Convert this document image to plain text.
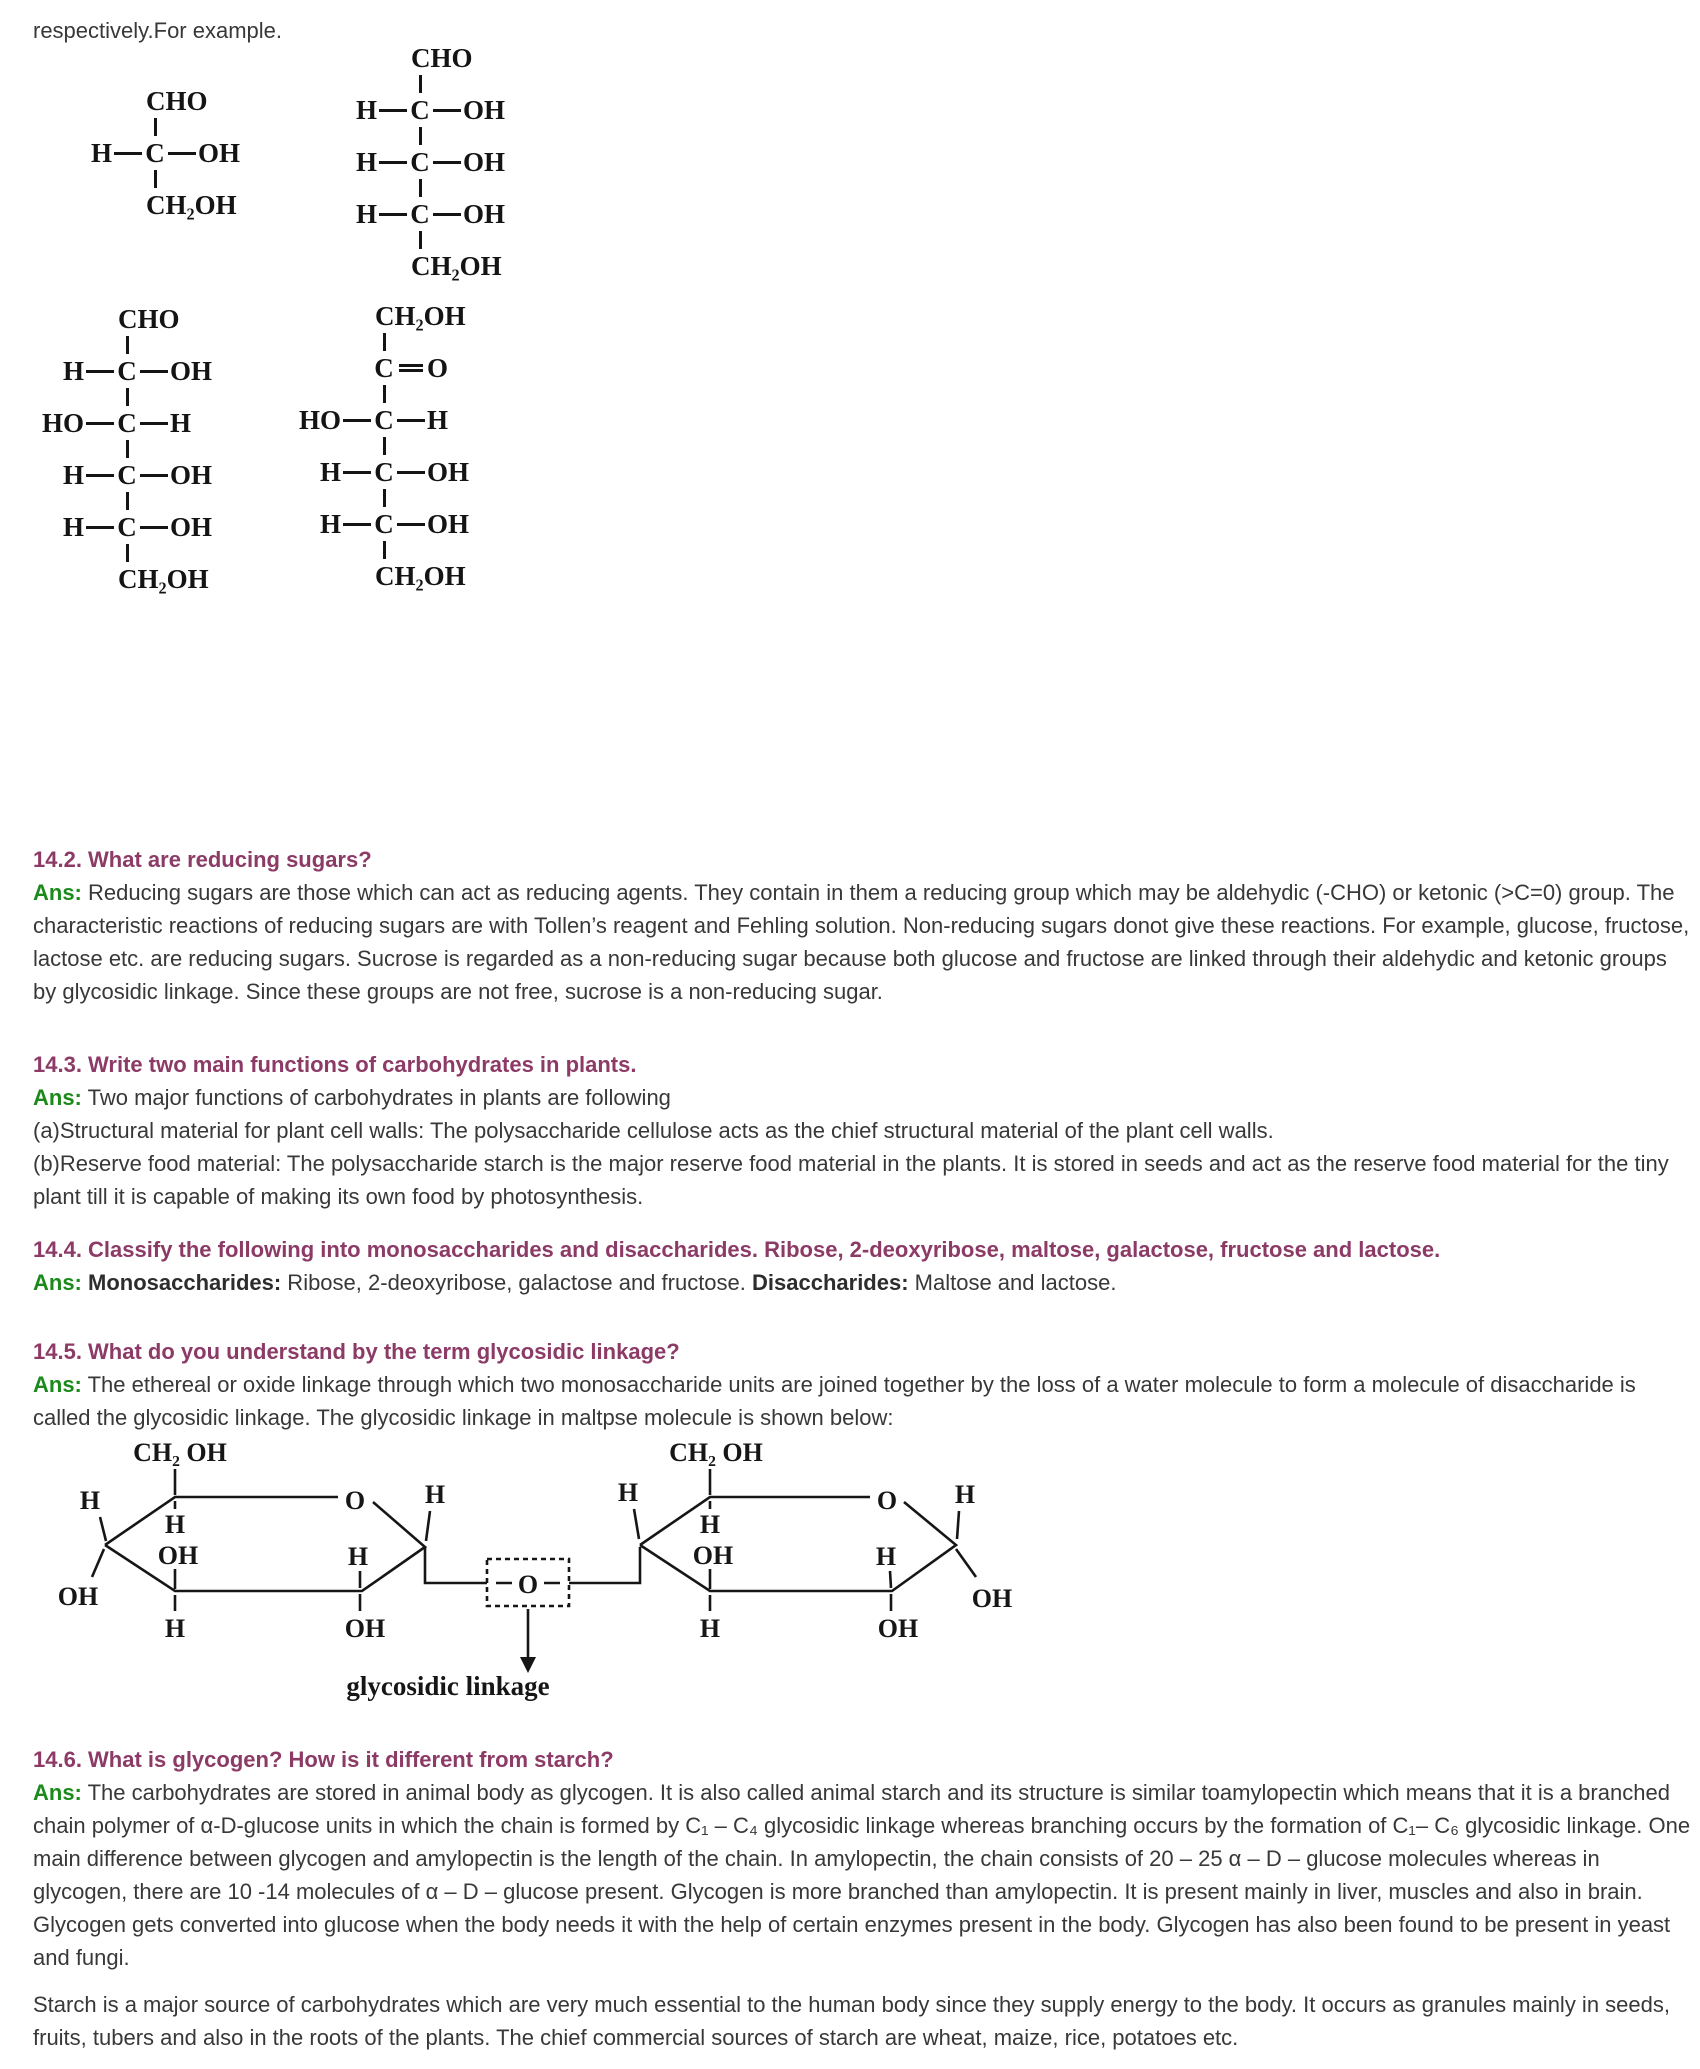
respectively.For example.

CHO
H C OH
CH₂OH
CHO
H C OH
H C OH
H C OH
CH₂OH
CHO
H C OH
HO C H
H C OH
H C OH
CH₂OH
CH₂OH
C O
HO C H
H C OH
H C OH
CH₂OH
14.2. What are reducing sugars?

Ans: Reducing sugars are those which can act as reducing agents. They contain in them a reducing group which may be aldehydic (-CHO) or ketonic (>C=0) group. The characteristic reactions of reducing sugars are with Tollen’s reagent and Fehling solution. Non-reducing sugars donot give these reactions. For example, glucose, fructose, lactose etc. are reducing sugars. Sucrose is regarded as a non-reducing sugar because both glucose and fructose are linked through their aldehydic and ketonic groups by glycosidic linkage. Since these groups are not free, sucrose is a non-reducing sugar.

14.3. Write two main functions of carbohydrates in plants.

Ans: Two major functions of carbohydrates in plants are following

(a)Structural material for plant cell walls: The polysaccharide cellulose acts as the chief structural material of the plant cell walls.

(b)Reserve food material: The polysaccharide starch is the major reserve food material in the plants. It is stored in seeds and act as the reserve food material for the tiny plant till it is capable of making its own food by photosynthesis.

14.4. Classify the following into monosaccharides and disaccharides. Ribose, 2-deoxyribose, maltose, galactose, fructose and lactose.

Ans: Monosaccharides: Ribose, 2-deoxyribose, galactose and fructose. Disaccharides: Maltose and lactose.

14.5. What do you understand by the term glycosidic linkage?

Ans: The ethereal or oxide linkage through which two monosaccharide units are joined together by the loss of a water molecule to form a molecule of disaccharide is called the glycosidic linkage. The glycosidic linkage in maltpse molecule is shown below:

CH₂ OH
H
OH
H
OH
H
O H
H
OH
O
CH₂ OH
H
H
OH
H
O H
OH
H
OH
glycosidic linkage
14.6. What is glycogen? How is it different from starch?

Ans: The carbohydrates are stored in animal body as glycogen. It is also called animal starch and its structure is similar toamylopectin which means that it is a branched chain polymer of α-D-glucose units in which the chain is formed by C₁ – C₄ glycosidic linkage whereas branching occurs by the formation of C₁– C₆ glycosidic linkage. One main difference between glycogen and amylopectin is the length of the chain. In amylopectin, the chain consists of 20 – 25 α – D – glucose molecules whereas in glycogen, there are 10 -14 molecules of α – D – glucose present. Glycogen is more branched than amylopectin. It is present mainly in liver, muscles and also in brain. Glycogen gets converted into glucose when the body needs it with the help of certain enzymes present in the body. Glycogen has also been found to be present in yeast and fungi.

Starch is a major source of carbohydrates which are very much essential to the human body since they supply energy to the body. It occurs as granules mainly in seeds, fruits, tubers and also in the roots of the plants. The chief commercial sources of starch are wheat, maize, rice, potatoes etc.
